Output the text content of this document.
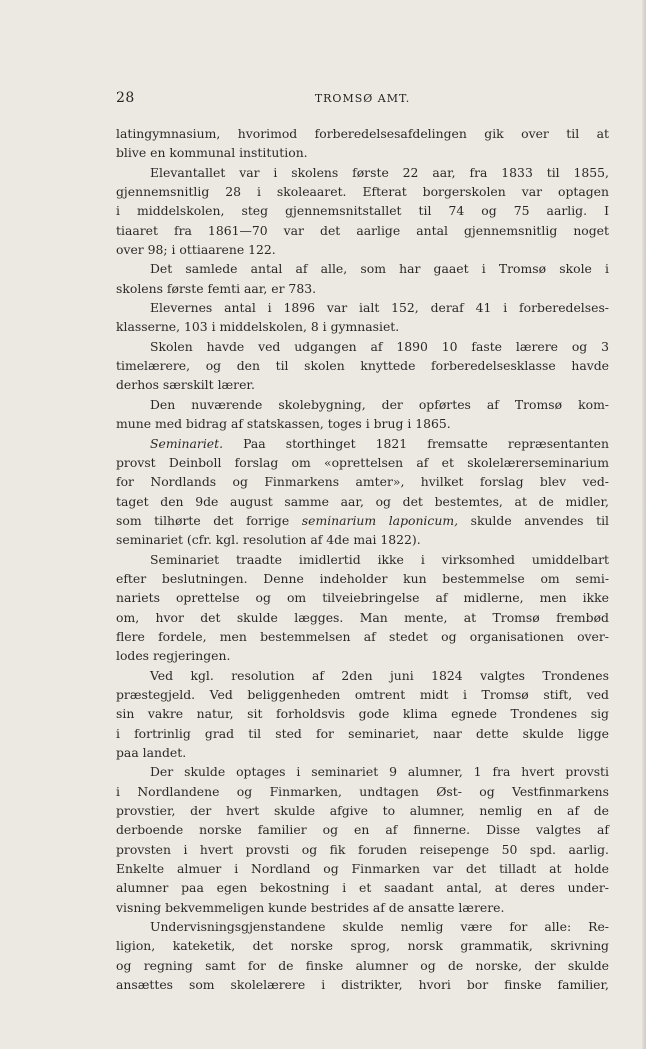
28	TROMSØ AMT.

latingymnasium, hvorimod forberedelsesafdelingen gik over til at

blive en kommunal institution.

Elevantallet var i skolens første 22 aar, fra 1833 til 1855,

gjennemsnitlig 28 i skoleaaret. Efterat borgerskolen var optagen

i middelskolen, steg gjennemsnitstallet til 74 og 75 aarlig. I

tiaaret fra 1861—70 var det aarlige antal gjennemsnitlig noget

over 98; i ottiaarene 122.

Det samlede antal af alle, som har gaaet i Tromsø skole i

skolens første femti aar, er 783.

Elevernes antal i 1896 var ialt 152, deraf 41 i forberedelses-

klasserne, 103 i middelskolen, 8 i gymnasiet.

Skolen havde ved udgangen af 1890 10 faste lærere og 3

timelærere, og den til skolen knyttede forberedelsesklasse havde

derhos særskilt lærer.

Den nuværende skolebygning, der opførtes af Tromsø kom-

mune med bidrag af statskassen, toges i brug i 1865.

Seminariet. Paa storthinget 1821 fremsatte repræsentanten

provst Deinboll forslag om «oprettelsen af et skolelærerseminarium

for Nordlands og Finmarkens amter», hvilket forslag blev ved-

taget den 9de august samme aar, og det bestemtes, at de midler,

som tilhørte det forrige seminarium laponicum, skulde anvendes til

seminariet (cfr. kgl. resolution af 4de mai 1822).

Seminariet traadte imidlertid ikke i virksomhed umiddelbart

efter beslutningen. Denne indeholder kun bestemmelse om semi-

nariets oprettelse og om tilveiebringelse af midlerne, men ikke

om, hvor det skulde lægges. Man mente, at Tromsø frembød

flere fordele, men bestemmelsen af stedet og organisationen over-

lodes regjeringen.

Ved kgl. resolution af 2den juni 1824 valgtes Trondenes

præstegjeld. Ved beliggenheden omtrent midt i Tromsø stift, ved

sin vakre natur, sit forholdsvis gode klima egnede Trondenes sig

i fortrinlig grad til sted for seminariet, naar dette skulde ligge

paa landet.

Der skulde optages i seminariet 9 alumner, 1 fra hvert provsti

i Nordlandene og Finmarken, undtagen Øst- og Vestfinmarkens

provstier, der hvert skulde afgive to alumner, nemlig en af de

derboende norske familier og en af finnerne. Disse valgtes af

provsten i hvert provsti og fik foruden reisepenge 50 spd. aarlig.

Enkelte almuer i Nordland og Finmarken var det tilladt at holde

alumner paa egen bekostning i et saadant antal, at deres under-

visning bekvemmeligen kunde bestrides af de ansatte lærere.

Undervisningsgjenstandene skulde nemlig være for alle: Re-

ligion, kateketik, det norske sprog, norsk grammatik, skrivning

og regning samt for de finske alumner og de norske, der skulde

ansættes som skolelærere i distrikter, hvori bor finske familier,
